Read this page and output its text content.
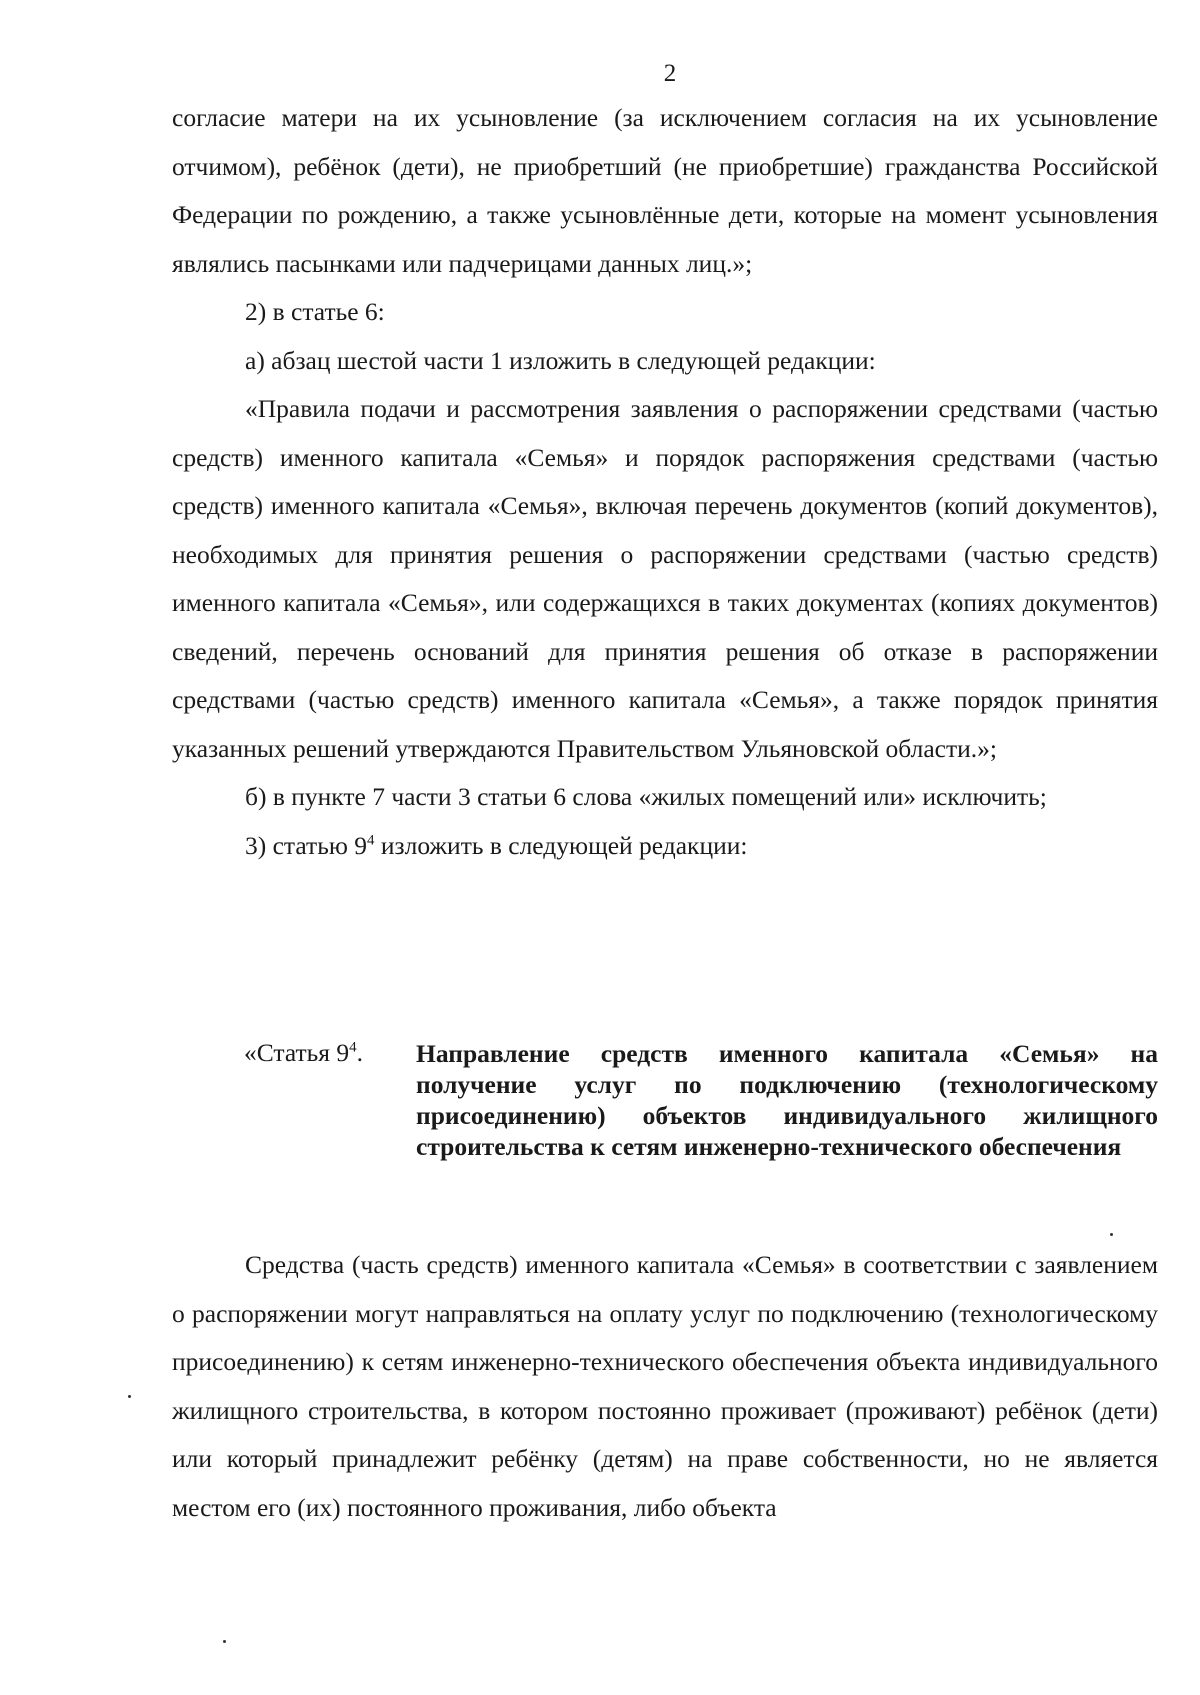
2

согласие матери на их усыновление (за исключением согласия на их усыновление отчимом), ребёнок (дети), не приобретший (не приобретшие) гражданства Российской Федерации по рождению, а также усыновлённые дети, которые на момент усыновления являлись пасынками или падчерицами данных лиц.»;

2) в статье 6:

а) абзац шестой части 1 изложить в следующей редакции:

«Правила подачи и рассмотрения заявления о распоряжении средствами (частью средств) именного капитала «Семья» и порядок распоряжения средствами (частью средств) именного капитала «Семья», включая перечень документов (копий документов), необходимых для принятия решения о распоряжении средствами (частью средств) именного капитала «Семья», или содержащихся в таких документах (копиях документов) сведений, перечень оснований для принятия решения об отказе в распоряжении средствами (частью средств) именного капитала «Семья», а также порядок принятия указанных решений утверждаются Правительством Ульяновской области.»;

б) в пункте 7 части 3 статьи 6 слова «жилых помещений или» исключить;

3) статью $9^4$ изложить в следующей редакции:

«Статья $9^4$. Направление средств именного капитала «Семья» на получение услуг по подключению (технологическому присоединению) объектов индивидуального жилищного строительства к сетям инженерно-технического обеспечения

Средства (часть средств) именного капитала «Семья» в соответствии с заявлением о распоряжении могут направляться на оплату услуг по подключению (технологическому присоединению) к сетям инженерно-технического обеспечения объекта индивидуального жилищного строительства, в котором постоянно проживает (проживают) ребёнок (дети) или который принадлежит ребёнку (детям) на праве собственности, но не является местом его (их) постоянного проживания, либо объекта
